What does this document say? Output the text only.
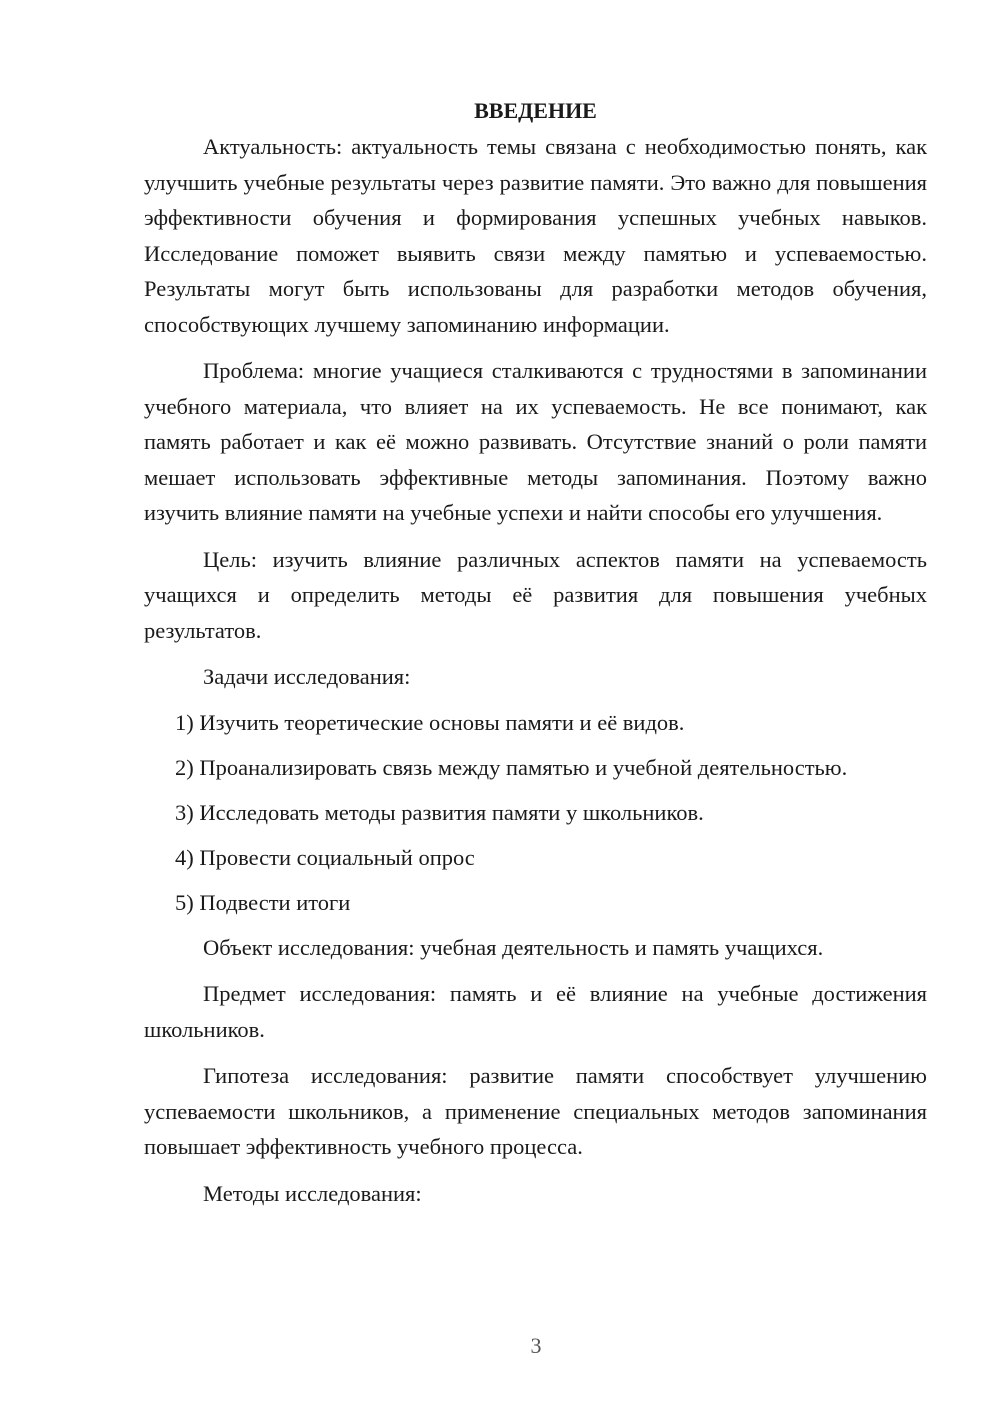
ВВЕДЕНИЕ

Актуальность: актуальность темы связана с необходимостью понять, как улучшить учебные результаты через развитие памяти. Это важно для повышения эффективности обучения и формирования успешных учебных навыков. Исследование поможет выявить связи между памятью и успеваемостью. Результаты могут быть использованы для разработки методов обучения, способствующих лучшему запоминанию информации.

Проблема: многие учащиеся сталкиваются с трудностями в запоминании учебного материала, что влияет на их успеваемость. Не все понимают, как память работает и как её можно развивать. Отсутствие знаний о роли памяти мешает использовать эффективные методы запоминания. Поэтому важно изучить влияние памяти на учебные успехи и найти способы его улучшения.

Цель: изучить влияние различных аспектов памяти на успеваемость учащихся и определить методы её развития для повышения учебных результатов.

Задачи исследования:

1) Изучить теоретические основы памяти и её видов.

2) Проанализировать связь между памятью и учебной деятельностью.

3) Исследовать методы развития памяти у школьников.

4) Провести социальный опрос

5) Подвести итоги

Объект исследования: учебная деятельность и память учащихся.

Предмет исследования: память и её влияние на учебные достижения школьников.

Гипотеза исследования: развитие памяти способствует улучшению успеваемости школьников, а применение специальных методов запоминания повышает эффективность учебного процесса.

Методы исследования:

3
